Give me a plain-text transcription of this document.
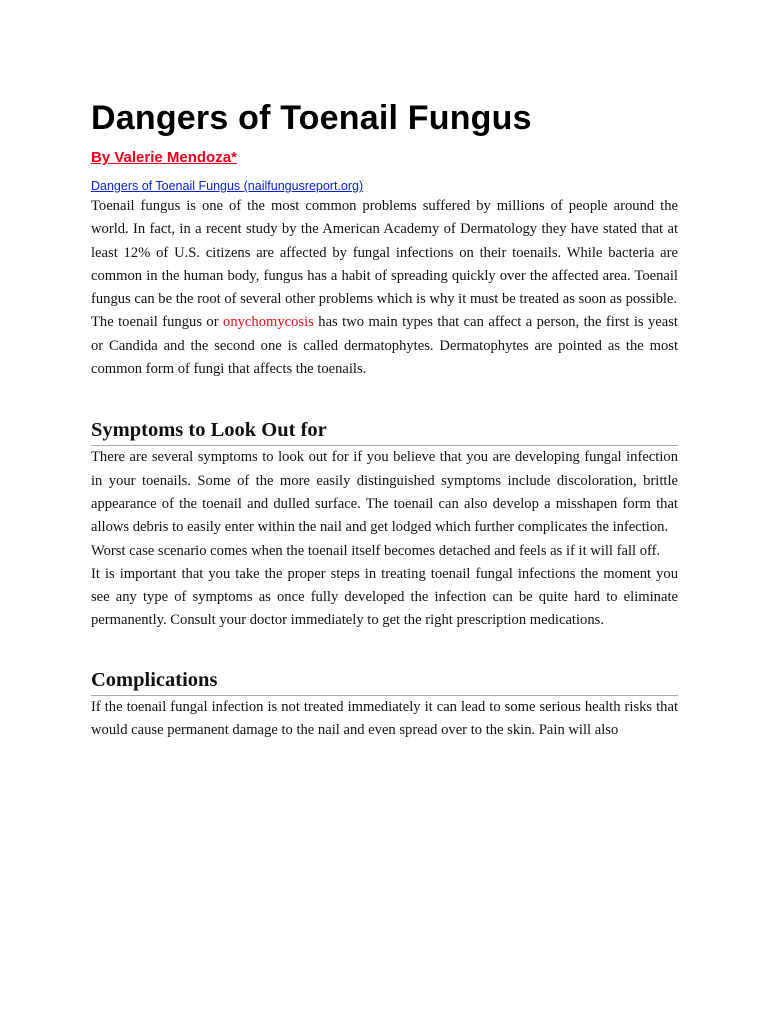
Dangers of Toenail Fungus
By Valerie Mendoza*
Dangers of Toenail Fungus (nailfungusreport.org)

Toenail fungus is one of the most common problems suffered by millions of people around the world. In fact, in a recent study by the American Academy of Dermatology they have stated that at least 12% of U.S. citizens are affected by fungal infections on their toenails. While bacteria are common in the human body, fungus has a habit of spreading quickly over the affected area. Toenail fungus can be the root of several other problems which is why it must be treated as soon as possible.

The toenail fungus or onychomycosis has two main types that can affect a person, the first is yeast or Candida and the second one is called dermatophytes. Dermatophytes are pointed as the most common form of fungi that affects the toenails.

Symptoms to Look Out for

There are several symptoms to look out for if you believe that you are developing fungal infection in your toenails. Some of the more easily distinguished symptoms include discoloration, brittle appearance of the toenail and dulled surface. The toenail can also develop a misshapen form that allows debris to easily enter within the nail and get lodged which further complicates the infection.

Worst case scenario comes when the toenail itself becomes detached and feels as if it will fall off.

It is important that you take the proper steps in treating toenail fungal infections the moment you see any type of symptoms as once fully developed the infection can be quite hard to eliminate permanently. Consult your doctor immediately to get the right prescription medications.

Complications

If the toenail fungal infection is not treated immediately it can lead to some serious health risks that would cause permanent damage to the nail and even spread over to the skin. Pain will also
